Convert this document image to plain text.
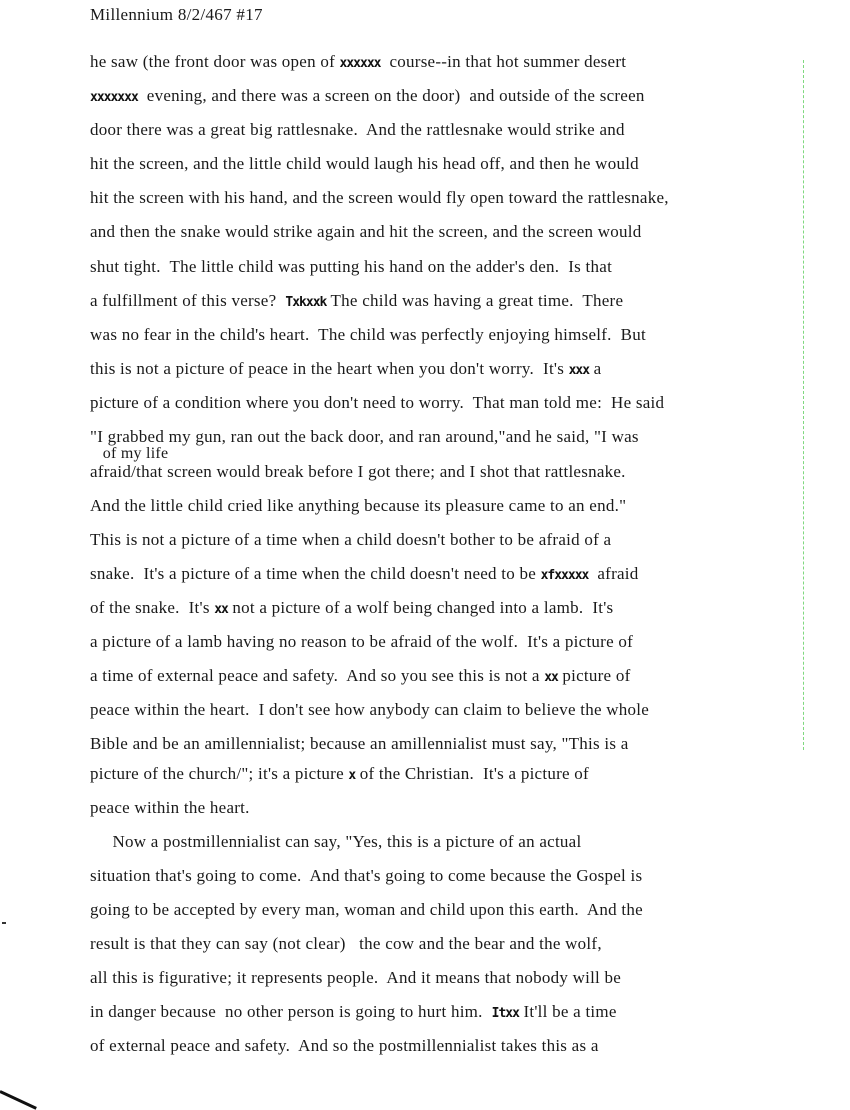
Millennium 8/2/467 #17
he saw (the front door was open of xxxxxx  course--in that hot summer desert
xxxxxxx  evening, and there was a screen on the door)  and outside of the screen
door there was a great big rattlesnake.  And the rattlesnake would strike and
hit the screen, and the little child would laugh his head off, and then he would
hit the screen with his hand, and the screen would fly open toward the rattlesnake,
and then the snake would strike again and hit the screen, and the screen would
shut tight.  The little child was putting his hand on the adder's den.  Is that
a fulfillment of this verse?  Txkxxk The child was having a great time.  There
was no fear in the child's heart.  The child was perfectly enjoying himself.  But
this is not a picture of peace in the heart when you don't worry.  It's xxx a
picture of a condition where you don't need to worry.  That man told me:  He said
"I grabbed my gun, ran out the back door, and ran around,"and he said, "I was
of my life
afraid/that screen would break before I got there; and I shot that rattlesnake.
And the little child cried like anything because its pleasure came to an end."
This is not a picture of a time when a child doesn't bother to be afraid of a
snake.  It's a picture of a time when the child doesn't need to be xfxxxxx  afraid
of the snake.  It's xx not a picture of a wolf being changed into a lamb.  It's
a picture of a lamb having no reason to be afraid of the wolf.  It's a picture of
a time of external peace and safety.  And so you see this is not a xx picture of
peace within the heart.  I don't see how anybody can claim to believe the whole
Bible and be an amillennialist; because an amillennialist must say, "This is a
picture of the church/"; it's a picture x of the Christian.  It's a picture of
peace within the heart.
Now a postmillennialist can say, "Yes, this is a picture of an actual
situation that's going to come.  And that's going to come because the Gospel is
going to be accepted by every man, woman and child upon this earth.  And the
result is that they can say (not clear)   the cow and the bear and the wolf,
all this is figurative; it represents people.  And it means that nobody will be
in danger because  no other person is going to hurt him.  Itxx It'll be a time
of external peace and safety.  And so the postmillennialist takes this as a
